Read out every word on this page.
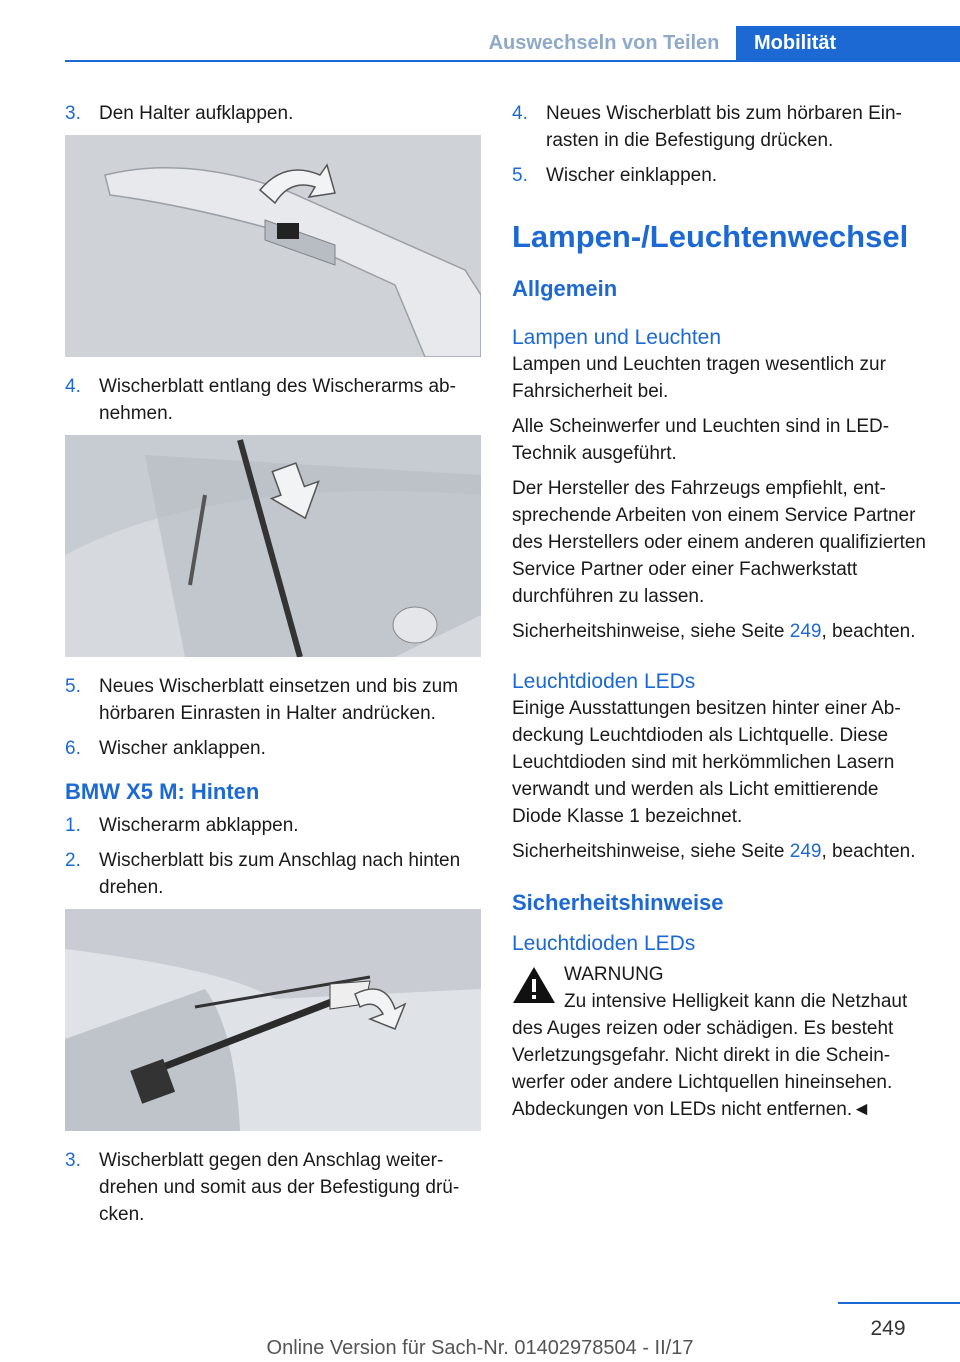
Auswechseln von Teilen	Mobilität
3. Den Halter aufklappen.
4. Wischerblatt entlang des Wischerarms abnehmen.
5. Neues Wischerblatt einsetzen und bis zum hörbaren Einrasten in Halter andrücken.
6. Wischer anklappen.
BMW X5 M: Hinten
1. Wischerarm abklappen.
2. Wischerblatt bis zum Anschlag nach hinten drehen.
3. Wischerblatt gegen den Anschlag weiterdrehen und somit aus der Befestigung drücken.
4. Neues Wischerblatt bis zum hörbaren Einrasten in die Befestigung drücken.
5. Wischer einklappen.
Lampen-/Leuchtenwechsel
Allgemein
Lampen und Leuchten
Lampen und Leuchten tragen wesentlich zur Fahrsicherheit bei.
Alle Scheinwerfer und Leuchten sind in LED-Technik ausgeführt.
Der Hersteller des Fahrzeugs empfiehlt, entsprechende Arbeiten von einem Service Partner des Herstellers oder einem anderen qualifizierten Service Partner oder einer Fachwerkstatt durchführen zu lassen.
Sicherheitshinweise, siehe Seite 249, beachten.
Leuchtdioden LEDs
Einige Ausstattungen besitzen hinter einer Abdeckung Leuchtdioden als Lichtquelle. Diese Leuchtdioden sind mit herkömmlichen Lasern verwandt und werden als Licht emittierende Diode Klasse 1 bezeichnet.
Sicherheitshinweise, siehe Seite 249, beachten.
Sicherheitshinweise
Leuchtdioden LEDs
WARNUNG
Zu intensive Helligkeit kann die Netzhaut des Auges reizen oder schädigen. Es besteht Verletzungsgefahr. Nicht direkt in die Scheinwerfer oder andere Lichtquellen hineinsehen. Abdeckungen von LEDs nicht entfernen.◄
249
Online Version für Sach-Nr. 01402978504 - II/17
